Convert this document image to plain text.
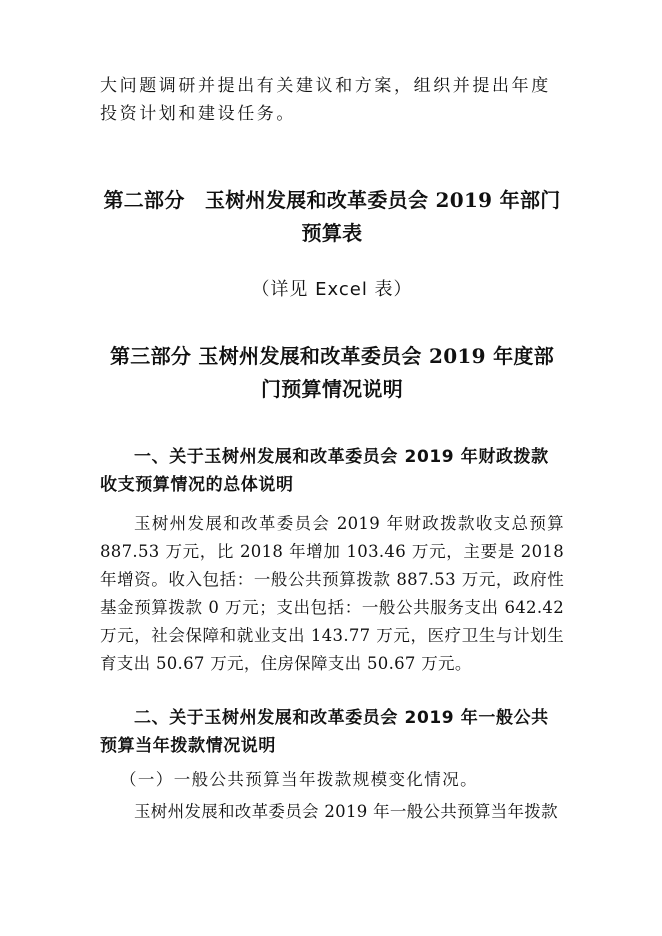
大问题调研并提出有关建议和方案，组织并提出年度投资计划和建设任务。
第二部分　玉树州发展和改革委员会 2019 年部门预算表
（详见 Excel 表）
第三部分 玉树州发展和改革委员会 2019 年度部门预算情况说明
一、关于玉树州发展和改革委员会 2019 年财政拨款收支预算情况的总体说明
玉树州发展和改革委员会 2019 年财政拨款收支总预算 887.53 万元，比 2018 年增加 103.46 万元，主要是 2018 年增资。收入包括：一般公共预算拨款 887.53 万元，政府性基金预算拨款 0 万元；支出包括：一般公共服务支出 642.42 万元，社会保障和就业支出 143.77 万元，医疗卫生与计划生育支出 50.67 万元，住房保障支出 50.67 万元。
二、关于玉树州发展和改革委员会 2019 年一般公共预算当年拨款情况说明
（一）一般公共预算当年拨款规模变化情况。
玉树州发展和改革委员会 2019 年一般公共预算当年拨款
